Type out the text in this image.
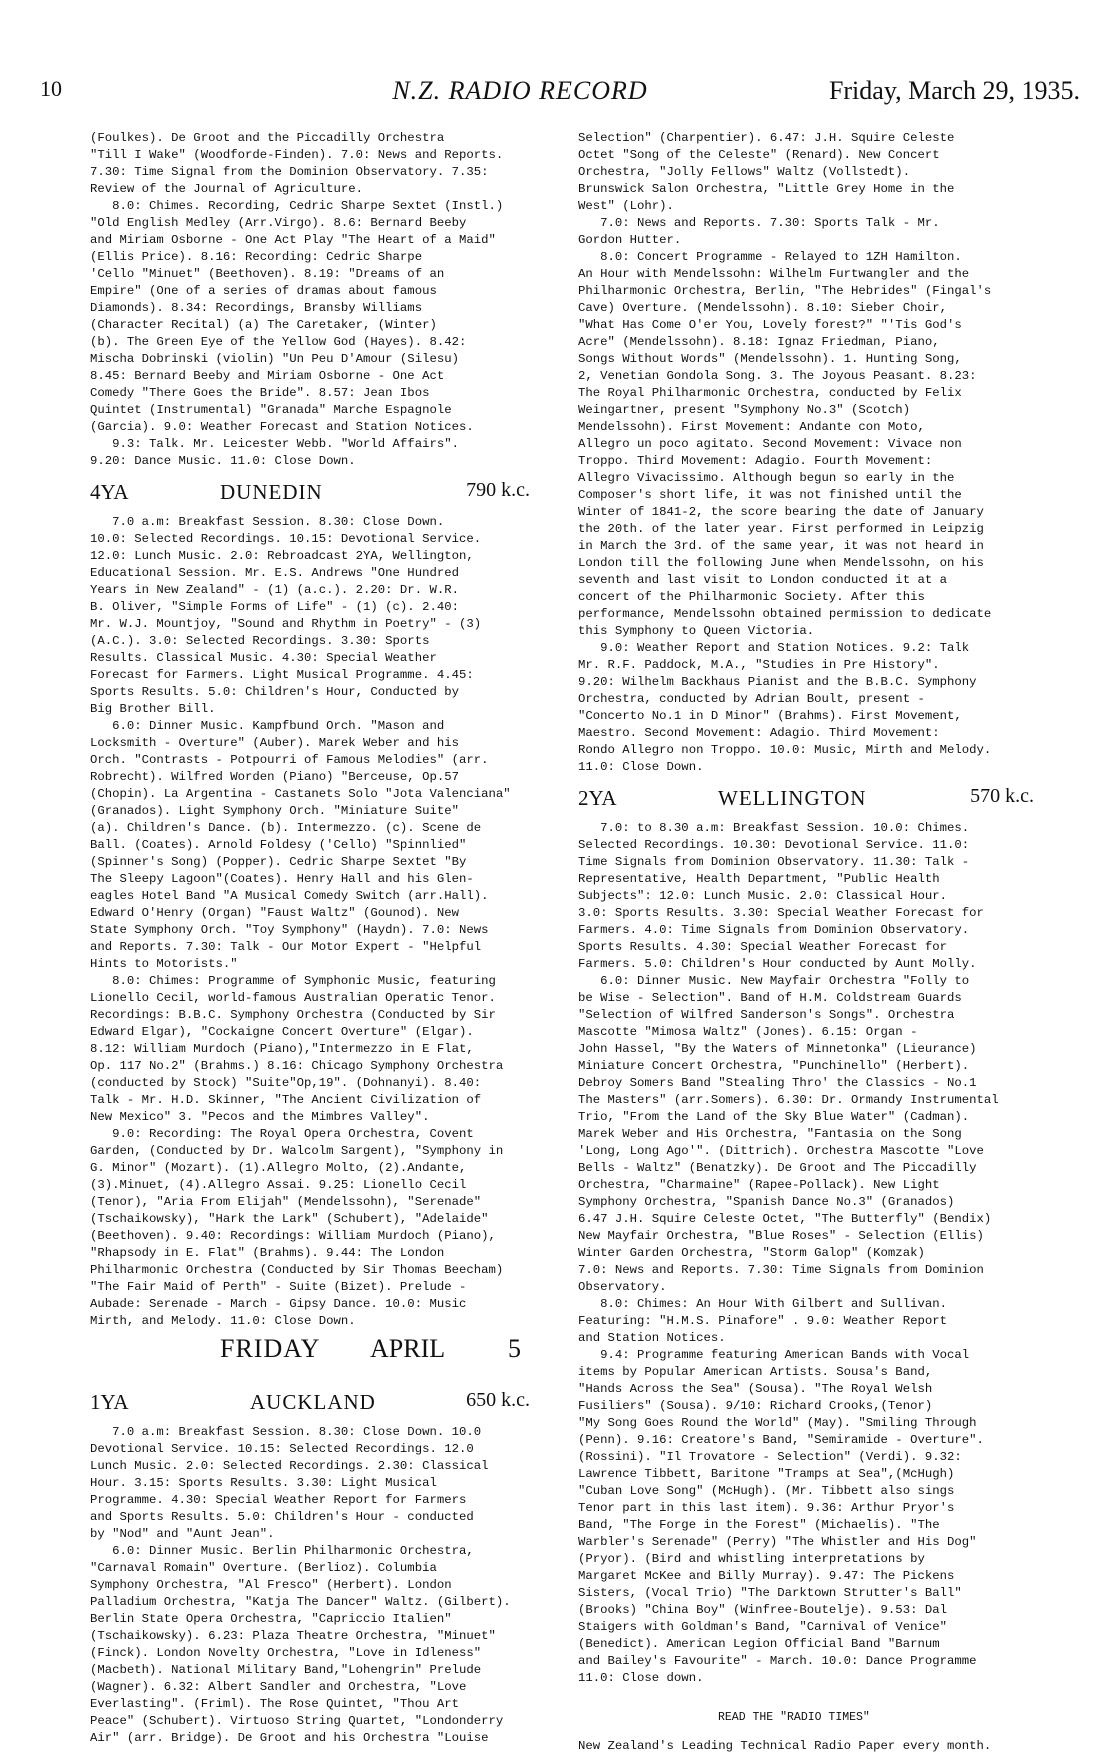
10	N.Z. RADIO RECORD	Friday, March 29, 1935.

(Foulkes). De Groot and the Piccadilly Orchestra

"Till I Wake" (Woodforde-Finden). 7.0: News and Reports.

7.30: Time Signal from the Dominion Observatory. 7.35:

Review of the Journal of Agriculture.

8.0: Chimes. Recording, Cedric Sharpe Sextet (Instl.)

"Old English Medley (Arr.Virgo). 8.6: Bernard Beeby

and Miriam Osborne - One Act Play "The Heart of a Maid"

(Ellis Price). 8.16: Recording: Cedric Sharpe

'Cello "Minuet" (Beethoven). 8.19: "Dreams of an

Empire" (One of a series of dramas about famous

Diamonds). 8.34: Recordings, Bransby Williams

(Character Recital) (a) The Caretaker, (Winter)

(b). The Green Eye of the Yellow God (Hayes). 8.42:

Mischa Dobrinski (violin) "Un Peu D'Amour (Silesu)

8.45: Bernard Beeby and Miriam Osborne - One Act

Comedy "There Goes the Bride". 8.57: Jean Ibos

Quintet (Instrumental) "Granada" Marche Espagnole

(Garcia). 9.0: Weather Forecast and Station Notices.

9.3: Talk. Mr. Leicester Webb. "World Affairs".

9.20: Dance Music. 11.0: Close Down.

4YA	DUNEDIN	790 k.c.

7.0 a.m: Breakfast Session. 8.30: Close Down.

10.0: Selected Recordings. 10.15: Devotional Service.

12.0: Lunch Music. 2.0: Rebroadcast 2YA, Wellington,

Educational Session. Mr. E.S. Andrews "One Hundred

Years in New Zealand" - (1) (a.c.). 2.20: Dr. W.R.

B. Oliver, "Simple Forms of Life" - (1) (c). 2.40:

Mr. W.J. Mountjoy, "Sound and Rhythm in Poetry" - (3)

(A.C.). 3.0: Selected Recordings. 3.30: Sports

Results. Classical Music. 4.30: Special Weather

Forecast for Farmers. Light Musical Programme. 4.45:

Sports Results. 5.0: Children's Hour, Conducted by

Big Brother Bill.

6.0: Dinner Music. Kampfbund Orch. "Mason and

Locksmith - Overture" (Auber). Marek Weber and his

Orch. "Contrasts - Potpourri of Famous Melodies" (arr.

Robrecht). Wilfred Worden (Piano) "Berceuse, Op.57

(Chopin). La Argentina - Castanets Solo "Jota Valenciana"

(Granados). Light Symphony Orch. "Miniature Suite"

(a). Children's Dance. (b). Intermezzo. (c). Scene de

Ball. (Coates). Arnold Foldesy ('Cello) "Spinnlied"

(Spinner's Song) (Popper). Cedric Sharpe Sextet "By

The Sleepy Lagoon"(Coates). Henry Hall and his Glen-

eagles Hotel Band "A Musical Comedy Switch (arr.Hall).

Edward O'Henry (Organ) "Faust Waltz" (Gounod). New

State Symphony Orch. "Toy Symphony" (Haydn). 7.0: News

and Reports. 7.30: Talk - Our Motor Expert - "Helpful

Hints to Motorists."

8.0: Chimes: Programme of Symphonic Music, featuring

Lionello Cecil, world-famous Australian Operatic Tenor.

Recordings: B.B.C. Symphony Orchestra (Conducted by Sir

Edward Elgar), "Cockaigne Concert Overture" (Elgar).

8.12: William Murdoch (Piano),"Intermezzo in E Flat,

Op. 117 No.2" (Brahms.) 8.16: Chicago Symphony Orchestra

(conducted by Stock) "Suite"Op,19". (Dohnanyi). 8.40:

Talk - Mr. H.D. Skinner, "The Ancient Civilization of

New Mexico" 3. "Pecos and the Mimbres Valley".

9.0: Recording: The Royal Opera Orchestra, Covent

Garden, (Conducted by Dr. Walcolm Sargent), "Symphony in

G. Minor" (Mozart). (1).Allegro Molto, (2).Andante,

(3).Minuet, (4).Allegro Assai. 9.25: Lionello Cecil

(Tenor), "Aria From Elijah" (Mendelssohn), "Serenade"

(Tschaikowsky), "Hark the Lark" (Schubert), "Adelaide"

(Beethoven). 9.40: Recordings: William Murdoch (Piano),

"Rhapsody in E. Flat" (Brahms). 9.44: The London

Philharmonic Orchestra (Conducted by Sir Thomas Beecham)

"The Fair Maid of Perth" - Suite (Bizet). Prelude -

Aubade: Serenade - March - Gipsy Dance. 10.0: Music

Mirth, and Melody. 11.0: Close Down.

FRIDAY APRIL 5
1YA	AUCKLAND	650 k.c.

7.0 a.m: Breakfast Session. 8.30: Close Down. 10.0

Devotional Service. 10.15: Selected Recordings. 12.0

Lunch Music. 2.0: Selected Recordings. 2.30: Classical

Hour. 3.15: Sports Results. 3.30: Light Musical

Programme. 4.30: Special Weather Report for Farmers

and Sports Results. 5.0: Children's Hour - conducted

by "Nod" and "Aunt Jean".

6.0: Dinner Music. Berlin Philharmonic Orchestra,

"Carnaval Romain" Overture. (Berlioz). Columbia

Symphony Orchestra, "Al Fresco" (Herbert). London

Palladium Orchestra, "Katja The Dancer" Waltz. (Gilbert).

Berlin State Opera Orchestra, "Capriccio Italien"

(Tschaikowsky). 6.23: Plaza Theatre Orchestra, "Minuet"

(Finck). London Novelty Orchestra, "Love in Idleness"

(Macbeth). National Military Band,"Lohengrin" Prelude

(Wagner). 6.32: Albert Sandler and Orchestra, "Love

Everlasting". (Friml). The Rose Quintet, "Thou Art

Peace" (Schubert). Virtuoso String Quartet, "Londonderry

Air" (arr. Bridge). De Groot and his Orchestra "Louise

Selection" (Charpentier). 6.47: J.H. Squire Celeste

Octet "Song of the Celeste" (Renard). New Concert

Orchestra, "Jolly Fellows" Waltz (Vollstedt).

Brunswick Salon Orchestra, "Little Grey Home in the

West" (Lohr).

7.0: News and Reports. 7.30: Sports Talk - Mr.

Gordon Hutter.

8.0: Concert Programme - Relayed to 1ZH Hamilton.

An Hour with Mendelssohn: Wilhelm Furtwangler and the

Philharmonic Orchestra, Berlin, "The Hebrides" (Fingal's

Cave) Overture. (Mendelssohn). 8.10: Sieber Choir,

"What Has Come O'er You, Lovely forest?" "'Tis God's

Acre" (Mendelssohn). 8.18: Ignaz Friedman, Piano,

Songs Without Words" (Mendelssohn). 1. Hunting Song,

2, Venetian Gondola Song. 3. The Joyous Peasant. 8.23:

The Royal Philharmonic Orchestra, conducted by Felix

Weingartner, present "Symphony No.3" (Scotch)

Mendelssohn). First Movement: Andante con Moto,

Allegro un poco agitato. Second Movement: Vivace non

Troppo. Third Movement: Adagio. Fourth Movement:

Allegro Vivacissimo. Although begun so early in the

Composer's short life, it was not finished until the

Winter of 1841-2, the score bearing the date of January

the 20th. of the later year. First performed in Leipzig

in March the 3rd. of the same year, it was not heard in

London till the following June when Mendelssohn, on his

seventh and last visit to London conducted it at a

concert of the Philharmonic Society. After this

performance, Mendelssohn obtained permission to dedicate

this Symphony to Queen Victoria.

9.0: Weather Report and Station Notices. 9.2: Talk

Mr. R.F. Paddock, M.A., "Studies in Pre History".

9.20: Wilhelm Backhaus Pianist and the B.B.C. Symphony

Orchestra, conducted by Adrian Boult, present -

"Concerto No.1 in D Minor" (Brahms). First Movement,

Maestro. Second Movement: Adagio. Third Movement:

Rondo Allegro non Troppo. 10.0: Music, Mirth and Melody.

11.0: Close Down.

2YA	WELLINGTON	570 k.c.

7.0: to 8.30 a.m: Breakfast Session. 10.0: Chimes.

Selected Recordings. 10.30: Devotional Service. 11.0:

Time Signals from Dominion Observatory. 11.30: Talk -

Representative, Health Department, "Public Health

Subjects": 12.0: Lunch Music. 2.0: Classical Hour.

3.0: Sports Results. 3.30: Special Weather Forecast for

Farmers. 4.0: Time Signals from Dominion Observatory.

Sports Results. 4.30: Special Weather Forecast for

Farmers. 5.0: Children's Hour conducted by Aunt Molly.

6.0: Dinner Music. New Mayfair Orchestra "Folly to

be Wise - Selection". Band of H.M. Coldstream Guards

"Selection of Wilfred Sanderson's Songs". Orchestra

Mascotte "Mimosa Waltz" (Jones). 6.15: Organ -

John Hassel, "By the Waters of Minnetonka" (Lieurance)

Miniature Concert Orchestra, "Punchinello" (Herbert).

Debroy Somers Band "Stealing Thro' the Classics - No.1

The Masters" (arr.Somers). 6.30: Dr. Ormandy Instrumental

Trio, "From the Land of the Sky Blue Water" (Cadman).

Marek Weber and His Orchestra, "Fantasia on the Song

'Long, Long Ago'". (Dittrich). Orchestra Mascotte "Love

Bells - Waltz" (Benatzky). De Groot and The Piccadilly

Orchestra, "Charmaine" (Rapee-Pollack). New Light

Symphony Orchestra, "Spanish Dance No.3" (Granados)

6.47 J.H. Squire Celeste Octet, "The Butterfly" (Bendix)

New Mayfair Orchestra, "Blue Roses" - Selection (Ellis)

Winter Garden Orchestra, "Storm Galop" (Komzak)

7.0: News and Reports. 7.30: Time Signals from Dominion

Observatory.

8.0: Chimes: An Hour With Gilbert and Sullivan.

Featuring: "H.M.S. Pinafore" . 9.0: Weather Report

and Station Notices.

9.4: Programme featuring American Bands with Vocal

items by Popular American Artists. Sousa's Band,

"Hands Across the Sea" (Sousa). "The Royal Welsh

Fusiliers" (Sousa). 9/10: Richard Crooks,(Tenor)

"My Song Goes Round the World" (May). "Smiling Through

(Penn). 9.16: Creatore's Band, "Semiramide - Overture".

(Rossini). "Il Trovatore - Selection" (Verdi). 9.32:

Lawrence Tibbett, Baritone "Tramps at Sea",(McHugh)

"Cuban Love Song" (McHugh). (Mr. Tibbett also sings

Tenor part in this last item). 9.36: Arthur Pryor's

Band, "The Forge in the Forest" (Michaelis). "The

Warbler's Serenade" (Perry) "The Whistler and His Dog"

(Pryor). (Bird and whistling interpretations by

Margaret McKee and Billy Murray). 9.47: The Pickens

Sisters, (Vocal Trio) "The Darktown Strutter's Ball"

(Brooks) "China Boy" (Winfree-Boutelje). 9.53: Dal

Staigers with Goldman's Band, "Carnival of Venice"

(Benedict). American Legion Official Band "Barnum

and Bailey's Favourite" - March. 10.0: Dance Programme

11.0: Close down.

READ THE "RADIO TIMES"

New Zealand's Leading Technical Radio Paper every month.
